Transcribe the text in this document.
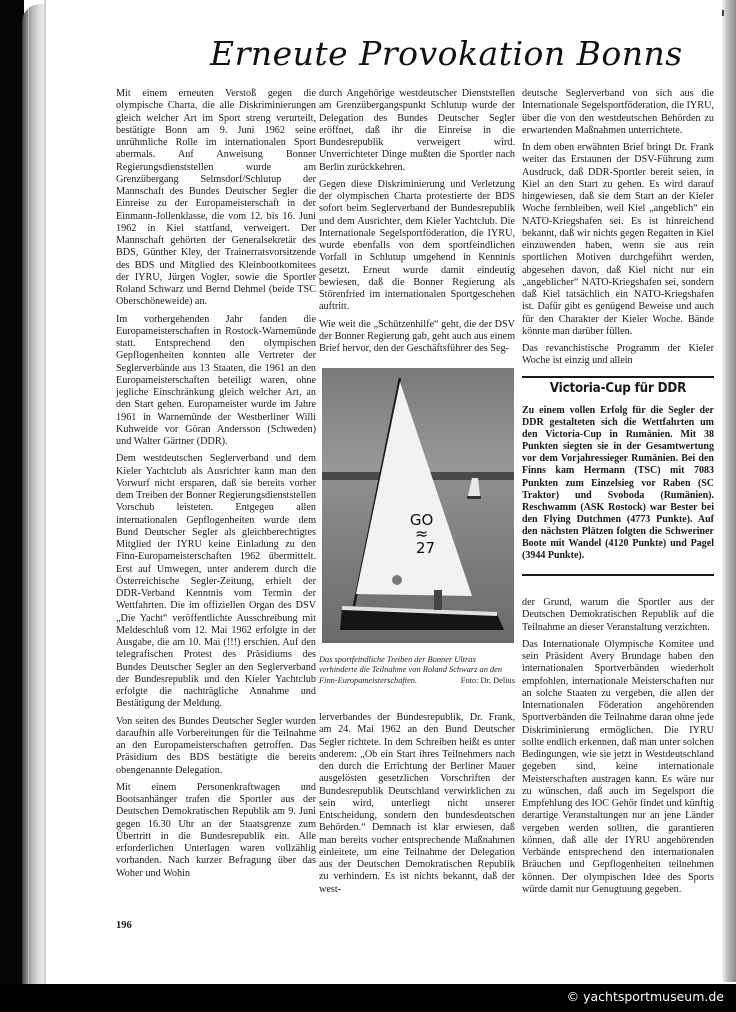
Erneute Provokation Bonns

Mit einem erneuten Verstoß gegen die olympische Charta, die alle Diskriminierungen gleich welcher Art im Sport streng verurteilt, bestätigte Bonn am 9. Juni 1962 seine unrühmliche Rolle im internationalen Sport abermals. Auf Anweisung Bonner Regierungsdienststellen wurde am Grenzübergang Selmsdorf/Schlutup der Mannschaft des Bundes Deutscher Segler die Einreise zu der Europameisterschaft in der Einmann-Jollenklasse, die vom 12. bis 16. Juni 1962 in Kiel stattfand, verweigert. Der Mannschaft gehörten der Generalsekretär des BDS, Günther Kley, der Trainerratsvorsitzende des BDS und Mitglied des Kleinbootkomitees der IYRU, Jürgen Vogler, sowie die Sportler Roland Schwarz und Bernd Dehmel (beide TSC Oberschöneweide) an.

Im vorhergehenden Jahr fanden die Europameisterschaften in Rostock-Warnemünde statt. Entsprechend den olympischen Gepflogenheiten konnten alle Vertreter der Seglerverbände aus 13 Staaten, die 1961 an den Europameisterschaften beteiligt waren, ohne jegliche Einschränkung gleich welcher Art, an den Start gehen. Europameister wurde im Jahre 1961 in Warnemünde der Westberliner Willi Kuhweide vor Göran Andersson (Schweden) und Walter Gärtner (DDR).

Dem westdeutschen Seglerverband und dem Kieler Yachtclub als Ausrichter kann man den Vorwurf nicht ersparen, daß sie bereits vorher dem Treiben der Bonner Regierungsdienststellen Vorschub leisteten. Entgegen allen internationalen Gepflogenheiten wurde dem Bund Deutscher Segler als gleichberechtigtes Mitglied der IYRU keine Einladung zu den Finn-Europameisterschaften 1962 übermittelt. Erst auf Umwegen, unter anderem durch die Österreichische Segler-Zeitung, erhielt der DDR-Verband Kenntnis vom Termin der Wettfahrten. Die im offiziellen Organ des DSV „Die Yacht“ veröffentlichte Ausschreibung mit Meldeschluß vom 12. Mai 1962 erfolgte in der Ausgabe, die am 10. Mai (!!!) erschien. Auf den telegrafischen Protest des Präsidiums des Bundes Deutscher Segler an den Seglerverband der Bundesrepublik und den Kieler Yachtclub erfolgte die nachträgliche Annahme und Bestätigung der Meldung.

Von seiten des Bundes Deutscher Segler wurden daraufhin alle Vorbereitungen für die Teilnahme an den Europameisterschaften getroffen. Das Präsidium des BDS bestätigte die bereits obengenannte Delegation.

Mit einem Personenkraftwagen und Bootsanhänger trafen die Sportler aus der Deutschen Demokratischen Republik am 9. Juni gegen 16.30 Uhr an der Staatsgrenze zum Übertritt in die Bundesrepublik ein. Alle erforderlichen Unterlagen waren vollzählig vorhanden. Nach kurzer Befragung über das Woher und Wohin

durch Angehörige westdeutscher Dienststellen am Grenzübergangspunkt Schlutup wurde der Delegation des Bundes Deutscher Segler eröffnet, daß ihr die Einreise in die Bundesrepublik verweigert wird. Unverrichteter Dinge mußten die Sportler nach Berlin zurückkehren.

Gegen diese Diskriminierung und Verletzung der olympischen Charta protestierte der BDS sofort beim Seglerverband der Bundesrepublik und dem Ausrichter, dem Kieler Yachtclub. Die Internationale Segelsportföderation, die IYRU, wurde ebenfalls von dem sportfeindlichen Vorfall in Schlutup umgehend in Kenntnis gesetzt. Erneut wurde damit eindeutig bewiesen, daß die Bonner Regierung als Störenfried im internationalen Sportgeschehen auftritt.

Wie weit die „Schützenhilfe“ geht, die der DSV der Bonner Regierung gab, geht auch aus einem Brief hervor, den der Geschäftsführer des Seg-

GO
≈
27
Das sportfeindliche Treiben der Bonner Ultras verhinderte die Teilnahme von Roland Schwarz an den Finn-Europameisterschaften.	Foto: Dr. Delius

lerverbandes der Bundesrepublik, Dr. Frank, am 24. Mai 1962 an den Bund Deutscher Segler richtete. In dem Schreiben heißt es unter anderem: „Ob ein Start ihres Teilnehmers nach den durch die Errichtung der Berliner Mauer ausgelösten gesetzlichen Vorschriften der Bundesrepublik Deutschland verwirklichen zu sein wird, unterliegt nicht unserer Entscheidung, sondern den bundesdeutschen Behörden.“ Demnach ist klar erwiesen, daß man bereits vorher entsprechende Maßnahmen einleitete, um eine Teilnahme der Delegation aus der Deutschen Demokratischen Republik zu verhindern. Es ist nichts bekannt, daß der west-

deutsche Seglerverband von sich aus die Internationale Segelsportföderation, die IYRU, über die von den westdeutschen Behörden zu erwartenden Maßnahmen unterrichtete.

In dem oben erwähnten Brief bringt Dr. Frank weiter das Erstaunen der DSV-Führung zum Ausdruck, daß DDR-Sportler bereit seien, in Kiel an den Start zu gehen. Es wird darauf hingewiesen, daß sie dem Start an der Kieler Woche fernbleiben, weil Kiel „angeblich“ ein NATO-Kriegshafen sei. Es ist hinreichend bekannt, daß wir nichts gegen Regatten in Kiel einzuwenden haben, wenn sie aus rein sportlichen Motiven durchgeführt werden, abgesehen davon, daß Kiel nicht nur ein „angeblicher“ NATO-Kriegshafen sei, sondern daß Kiel tatsächlich ein NATO-Kriegshafen ist. Dafür gibt es genügend Beweise und auch für den Charakter der Kieler Woche. Bände könnte man darüber füllen.

Das revanchistische Programm der Kieler Woche ist einzig und allein

Victoria-Cup für DDR
Zu einem vollen Erfolg für die Segler der DDR gestalteten sich die Wettfahrten um den Victoria-Cup in Rumänien. Mit 38 Punkten siegten sie in der Gesamtwertung vor dem Vorjahressieger Rumänien. Bei den Finns kam Hermann (TSC) mit 7083 Punkten zum Einzelsieg vor Raben (SC Traktor) und Svoboda (Rumänien). Reschwamm (ASK Rostock) war Bester bei den Flying Dutchmen (4773 Punkte). Auf den nächsten Plätzen folgten die Schweriner Boote mit Wandel (4120 Punkte) und Pagel (3944 Punkte).

der Grund, warum die Sportler aus der Deutschen Demokratischen Republik auf die Teilnahme an dieser Veranstaltung verzichten.

Das Internationale Olympische Komitee und sein Präsident Avery Brundage haben den internationalen Sportverbänden wiederholt empfohlen, internationale Meisterschaften nur an solche Staaten zu vergeben, die allen der Internationalen Föderation angehörenden Sportverbänden die Teilnahme daran ohne jede Diskriminierung ermöglichen. Die IYRU sollte endlich erkennen, daß man unter solchen Bedingungen, wie sie jetzt in Westdeutschland gegeben sind, keine internationale Meisterschaften austragen kann. Es wäre nur zu wünschen, daß auch im Segelsport die Empfehlung des IOC Gehör findet und künftig derartige Veranstaltungen nur an jene Länder vergeben werden sollten, die garantieren können, daß alle der IYRU angehörenden Verbände entsprechend den internationalen Bräuchen und Gepflogenheiten teilnehmen können. Der olympischen Idee des Sports würde damit nur Genugtuung gegeben.

196
© yachtsportmuseum.de
